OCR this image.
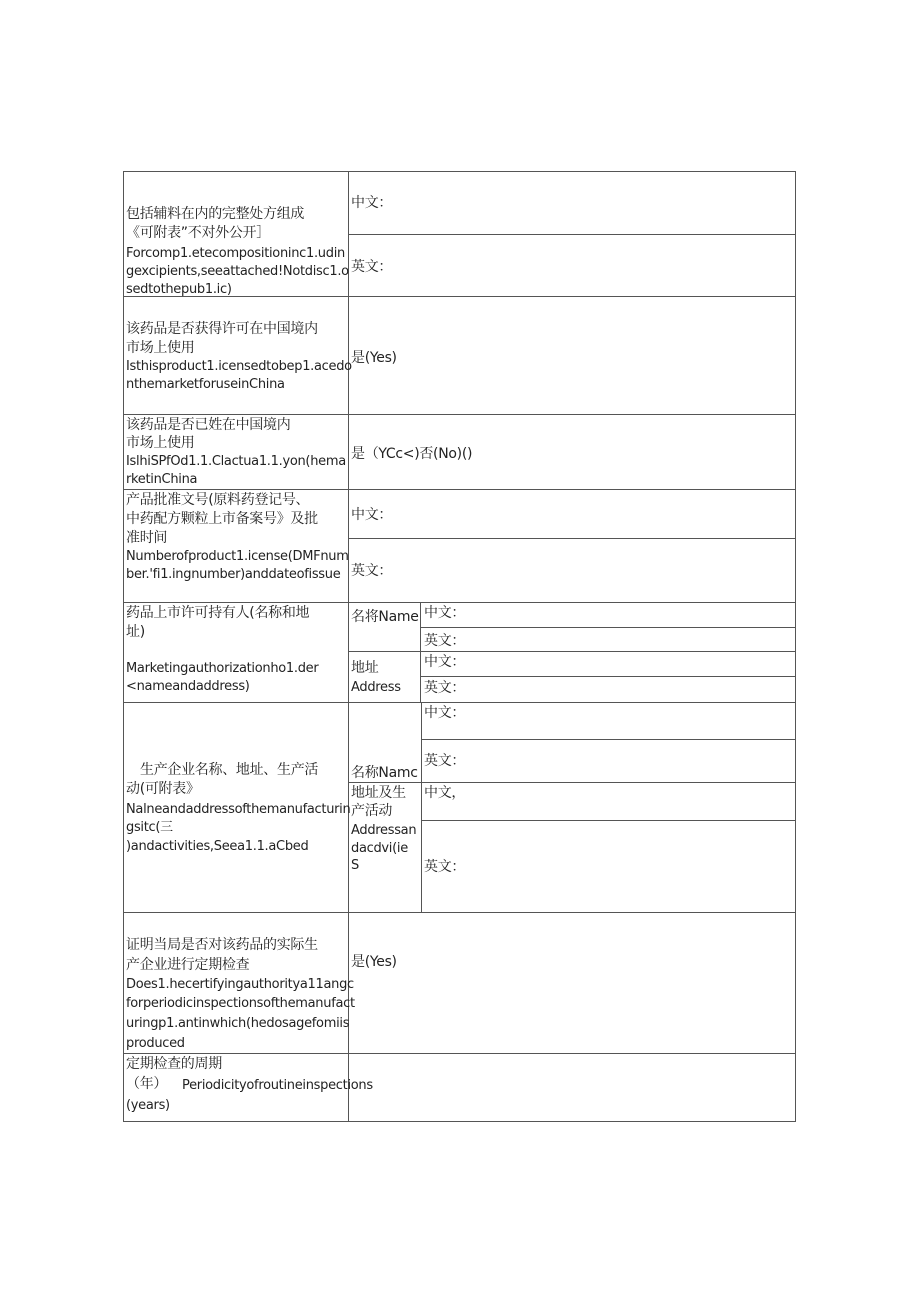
包括辅料在内的完整处方组成
《可附表”不对外公开］
Forcomp1.etecompositioninc1.udin
gexcipients,seeattached!Notdisc1.o
sedtothepub1.ic)
中文：
英文：
该药品是否获得许可在中国境内
市场上使用
Isthisproduct1.icensedtobep1.acedo
nthemarketforuseinChina
是(Yes)
该药品是否已姓在中国境内
市场上使用
IslhiSPfOd1.1.Clactua1.1.yon(hema
rketinChina
是（YCc<)否(No)()
产品批准文号(原料药登记号、
中药配方颗粒上市备案号》及批
准时间
Numberofproduct1.icense(DMFnum
ber.'fi1.ingnumber)anddateofissue
中文：
英文：
药品上市许可持有人(名称和地
址)
Marketingauthorizationho1.der
<nameandaddress)
名将Name
地址
Address
中文：
英文：
中文：
英文：
生产企业名称、地址、生产活
动(可附表》
Nalneandaddressofthemanufacturin
gsitc(三
)andactivities,Seea1.1.aCbed
名称Namc
地址及生
产活动
Addressan
dacdvi(ie
S
中文：
英文：
中文，
英文：
证明当局是否对该药品的实际生
产企业进行定期检查
Does1.hecertifyingauthoritya11angc
forperiodicinspectionsofthemanufact
uringp1.antinwhich(hedosagefomiis
produced
是(Yes)
定期检查的周期
（年） Periodicityofroutineinspections
(years)
